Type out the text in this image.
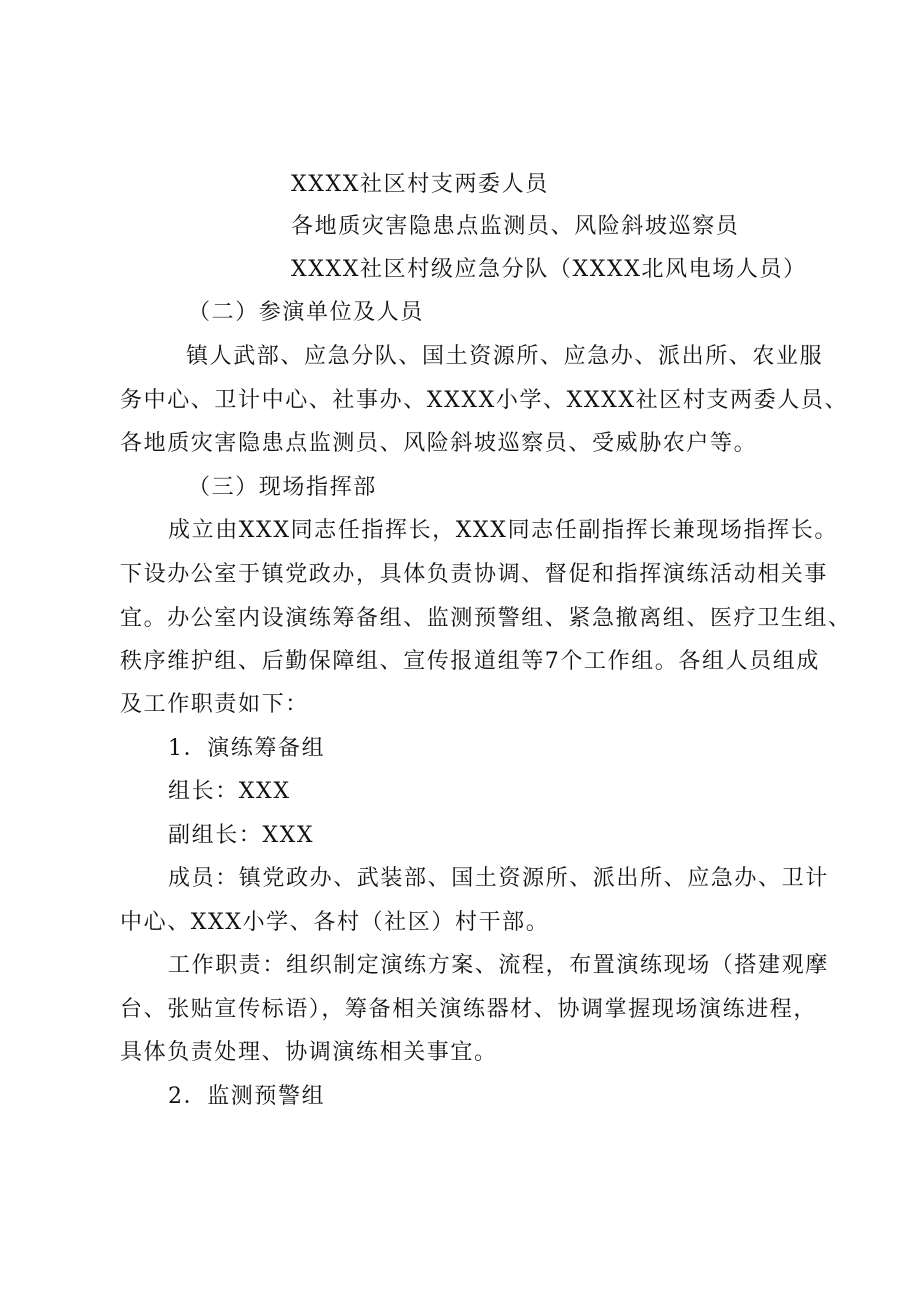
XXXX社区村支两委人员

各地质灾害隐患点监测员、风险斜坡巡察员

XXXX社区村级应急分队（XXXX北风电场人员）

（二）参演单位及人员

镇人武部、应急分队、国土资源所、应急办、派出所、农业服

务中心、卫计中心、社事办、XXXX小学、XXXX社区村支两委人员、

各地质灾害隐患点监测员、风险斜坡巡察员、受威胁农户等。

（三）现场指挥部

成立由XXX同志任指挥长，XXX同志任副指挥长兼现场指挥长。

下设办公室于镇党政办，具体负责协调、督促和指挥演练活动相关事

宜。办公室内设演练筹备组、监测预警组、紧急撤离组、医疗卫生组、

秩序维护组、后勤保障组、宣传报道组等7个工作组。各组人员组成

及工作职责如下：

1．演练筹备组

组长：XXX

副组长：XXX

成员：镇党政办、武装部、国土资源所、派出所、应急办、卫计

中心、XXX小学、各村（社区）村干部。

工作职责：组织制定演练方案、流程，布置演练现场（搭建观摩

台、张贴宣传标语），筹备相关演练器材、协调掌握现场演练进程，

具体负责处理、协调演练相关事宜。

2．监测预警组
